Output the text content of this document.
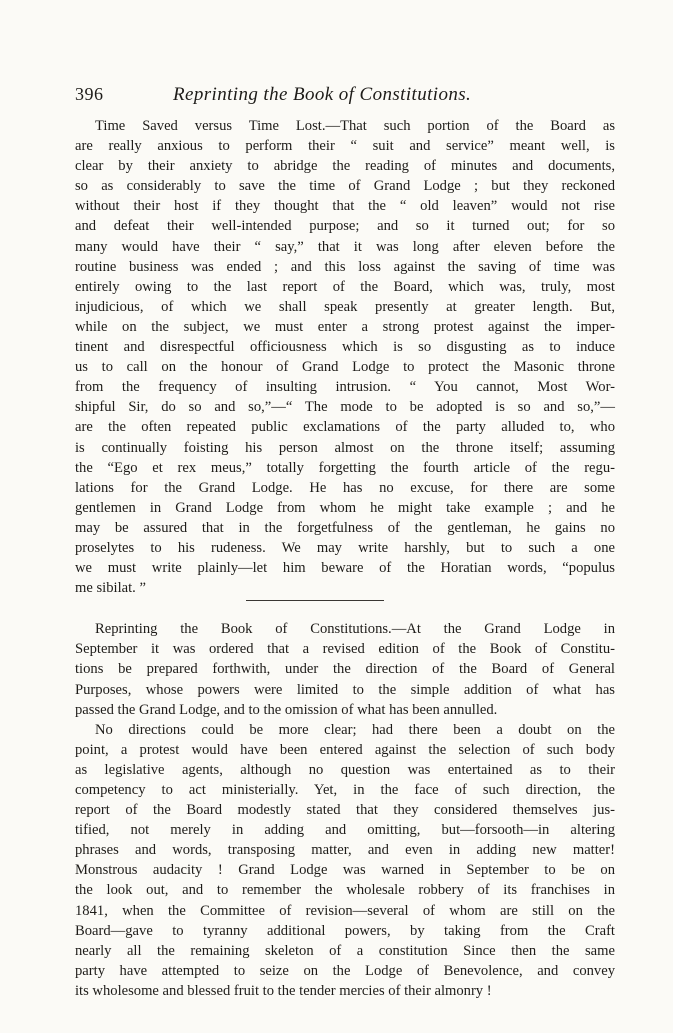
396	Reprinting the Book of Constitutions.
Time Saved versus Time Lost.—That such portion of the Board as
are really anxious to perform their “ suit and service” meant well, is
clear by their anxiety to abridge the reading of minutes and documents,
so as considerably to save the time of Grand Lodge ; but they reckoned
without their host if they thought that the “ old leaven” would not rise
and defeat their well-intended purpose; and so it turned out; for so
many would have their “ say,” that it was long after eleven before the
routine business was ended ; and this loss against the saving of time was
entirely owing to the last report of the Board, which was, truly, most
injudicious, of which we shall speak presently at greater length. But,
while on the subject, we must enter a strong protest against the imper-
tinent and disrespectful officiousness which is so disgusting as to induce
us to call on the honour of Grand Lodge to protect the Masonic throne
from the frequency of insulting intrusion. “ You cannot, Most Wor-
shipful Sir, do so and so,”—“ The mode to be adopted is so and so,”—
are the often repeated public exclamations of the party alluded to, who
is continually foisting his person almost on the throne itself; assuming
the “Ego et rex meus,” totally forgetting the fourth article of the regu-
lations for the Grand Lodge. He has no excuse, for there are some
gentlemen in Grand Lodge from whom he might take example ; and he
may be assured that in the forgetfulness of the gentleman, he gains no
proselytes to his rudeness. We may write harshly, but to such a one
we must write plainly—let him beware of the Horatian words, “populus
me sibilat. ”
Reprinting the Book of Constitutions.—At the Grand Lodge in
September it was ordered that a revised edition of the Book of Constitu-
tions be prepared forthwith, under the direction of the Board of General
Purposes, whose powers were limited to the simple addition of what has
passed the Grand Lodge, and to the omission of what has been annulled.
No directions could be more clear; had there been a doubt on the
point, a protest would have been entered against the selection of such body
as legislative agents, although no question was entertained as to their
competency to act ministerially. Yet, in the face of such direction, the
report of the Board modestly stated that they considered themselves jus-
tified, not merely in adding and omitting, but—forsooth—in altering
phrases and words, transposing matter, and even in adding new matter!
Monstrous audacity ! Grand Lodge was warned in September to be on
the look out, and to remember the wholesale robbery of its franchises in
1841, when the Committee of revision—several of whom are still on the
Board—gave to tyranny additional powers, by taking from the Craft
nearly all the remaining skeleton of a constitution Since then the same
party have attempted to seize on the Lodge of Benevolence, and convey
its wholesome and blessed fruit to the tender mercies of their almonry !
